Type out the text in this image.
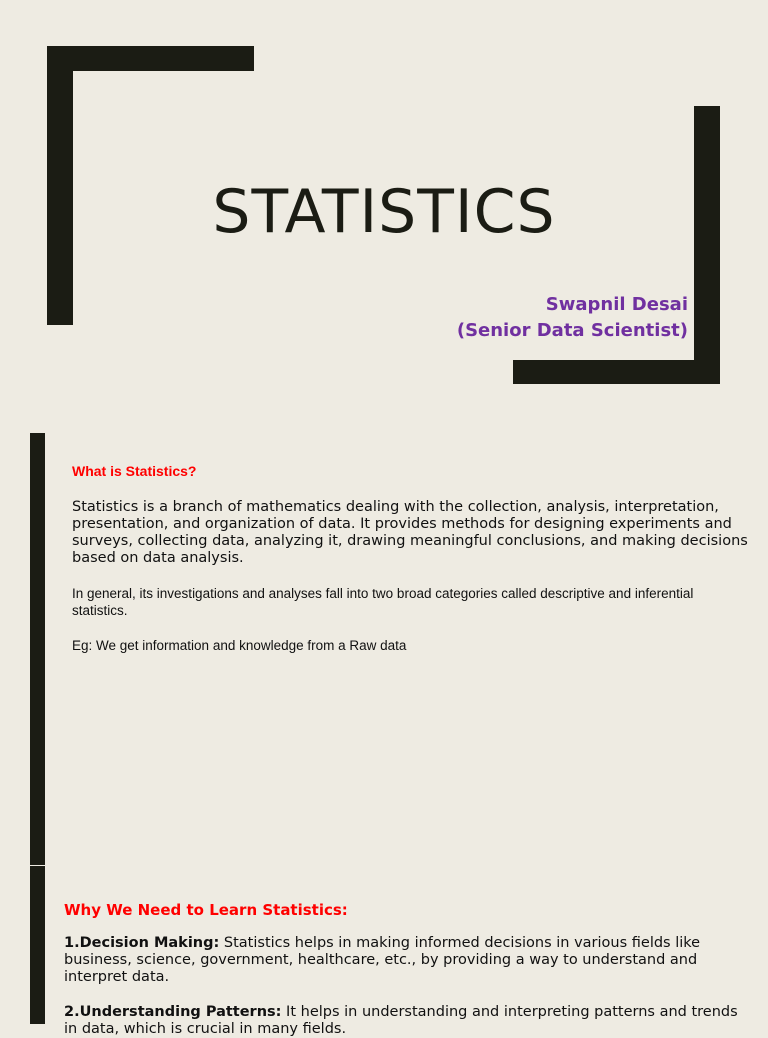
STATISTICS
Swapnil Desai
(Senior Data Scientist)
What is Statistics?
Statistics is a branch of mathematics dealing with the collection, analysis, interpretation, presentation, and organization of data. It provides methods for designing experiments and surveys, collecting data, analyzing it, drawing meaningful conclusions, and making decisions based on data analysis.
In general, its investigations and analyses fall into two broad categories called descriptive and inferential statistics.
Eg: We get information and knowledge from a Raw data
Why We Need to Learn Statistics:
1.Decision Making: Statistics helps in making informed decisions in various fields like business, science, government, healthcare, etc., by providing a way to understand and interpret data.
2.Understanding Patterns: It helps in understanding and interpreting patterns and trends in data, which is crucial in many fields.
